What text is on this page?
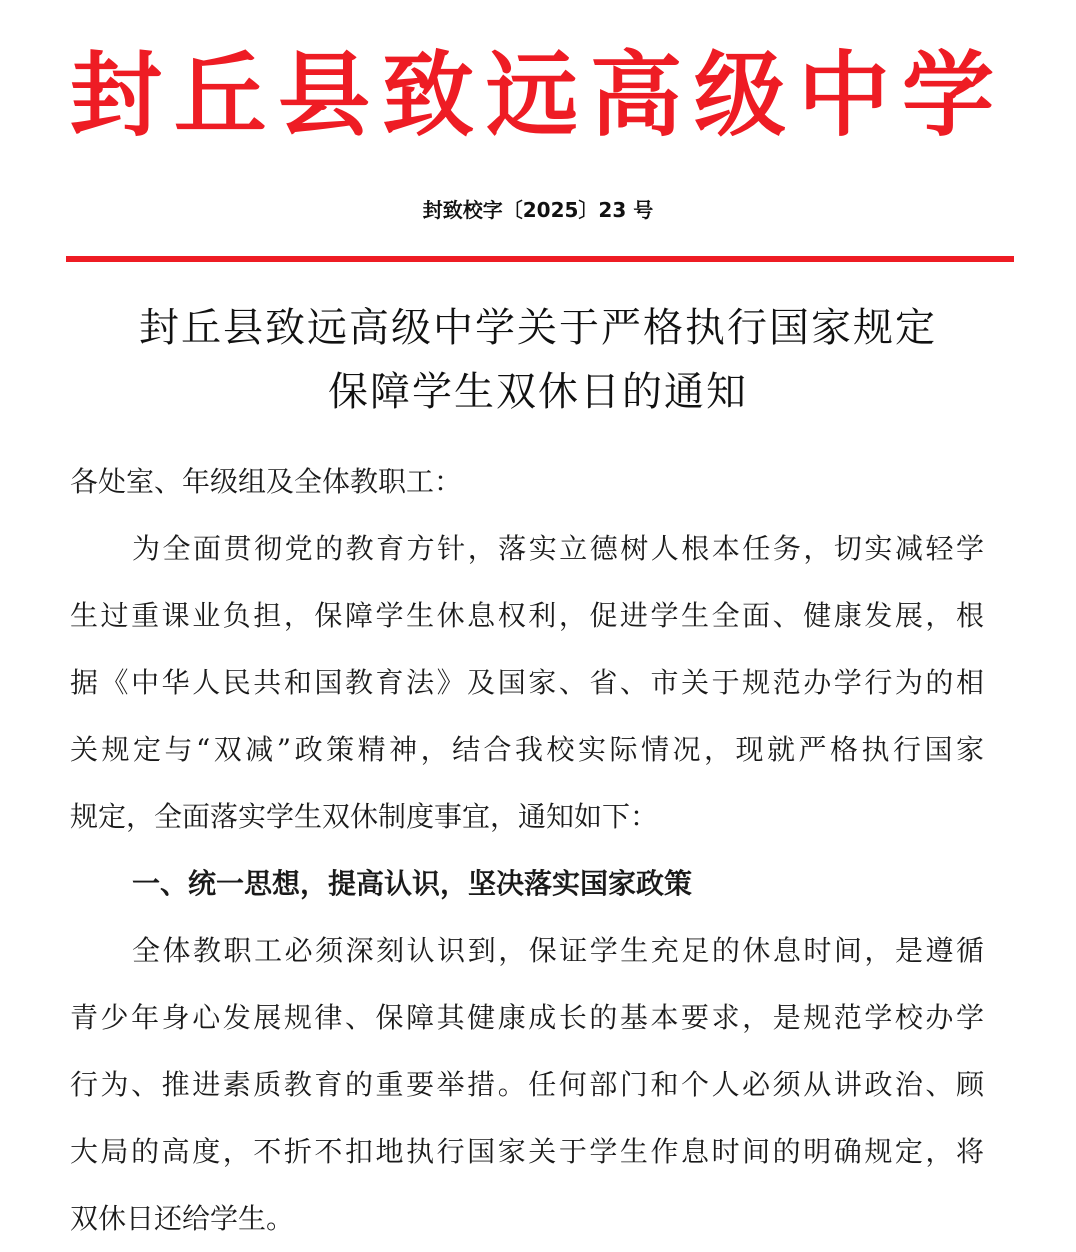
封丘县致远高级中学
封致校字〔2025〕23 号
封丘县致远高级中学关于严格执行国家规定
保障学生双休日的通知
各处室、年级组及全体教职工：
为全面贯彻党的教育方针，落实立德树人根本任务，切实减轻学
生过重课业负担，保障学生休息权利，促进学生全面、健康发展，根
据《中华人民共和国教育法》及国家、省、市关于规范办学行为的相
关规定与“双减”政策精神，结合我校实际情况，现就严格执行国家
规定，全面落实学生双休制度事宜，通知如下：
一、统一思想，提高认识，坚决落实国家政策
全体教职工必须深刻认识到，保证学生充足的休息时间，是遵循
青少年身心发展规律、保障其健康成长的基本要求，是规范学校办学
行为、推进素质教育的重要举措。任何部门和个人必须从讲政治、顾
大局的高度，不折不扣地执行国家关于学生作息时间的明确规定，将
双休日还给学生。
